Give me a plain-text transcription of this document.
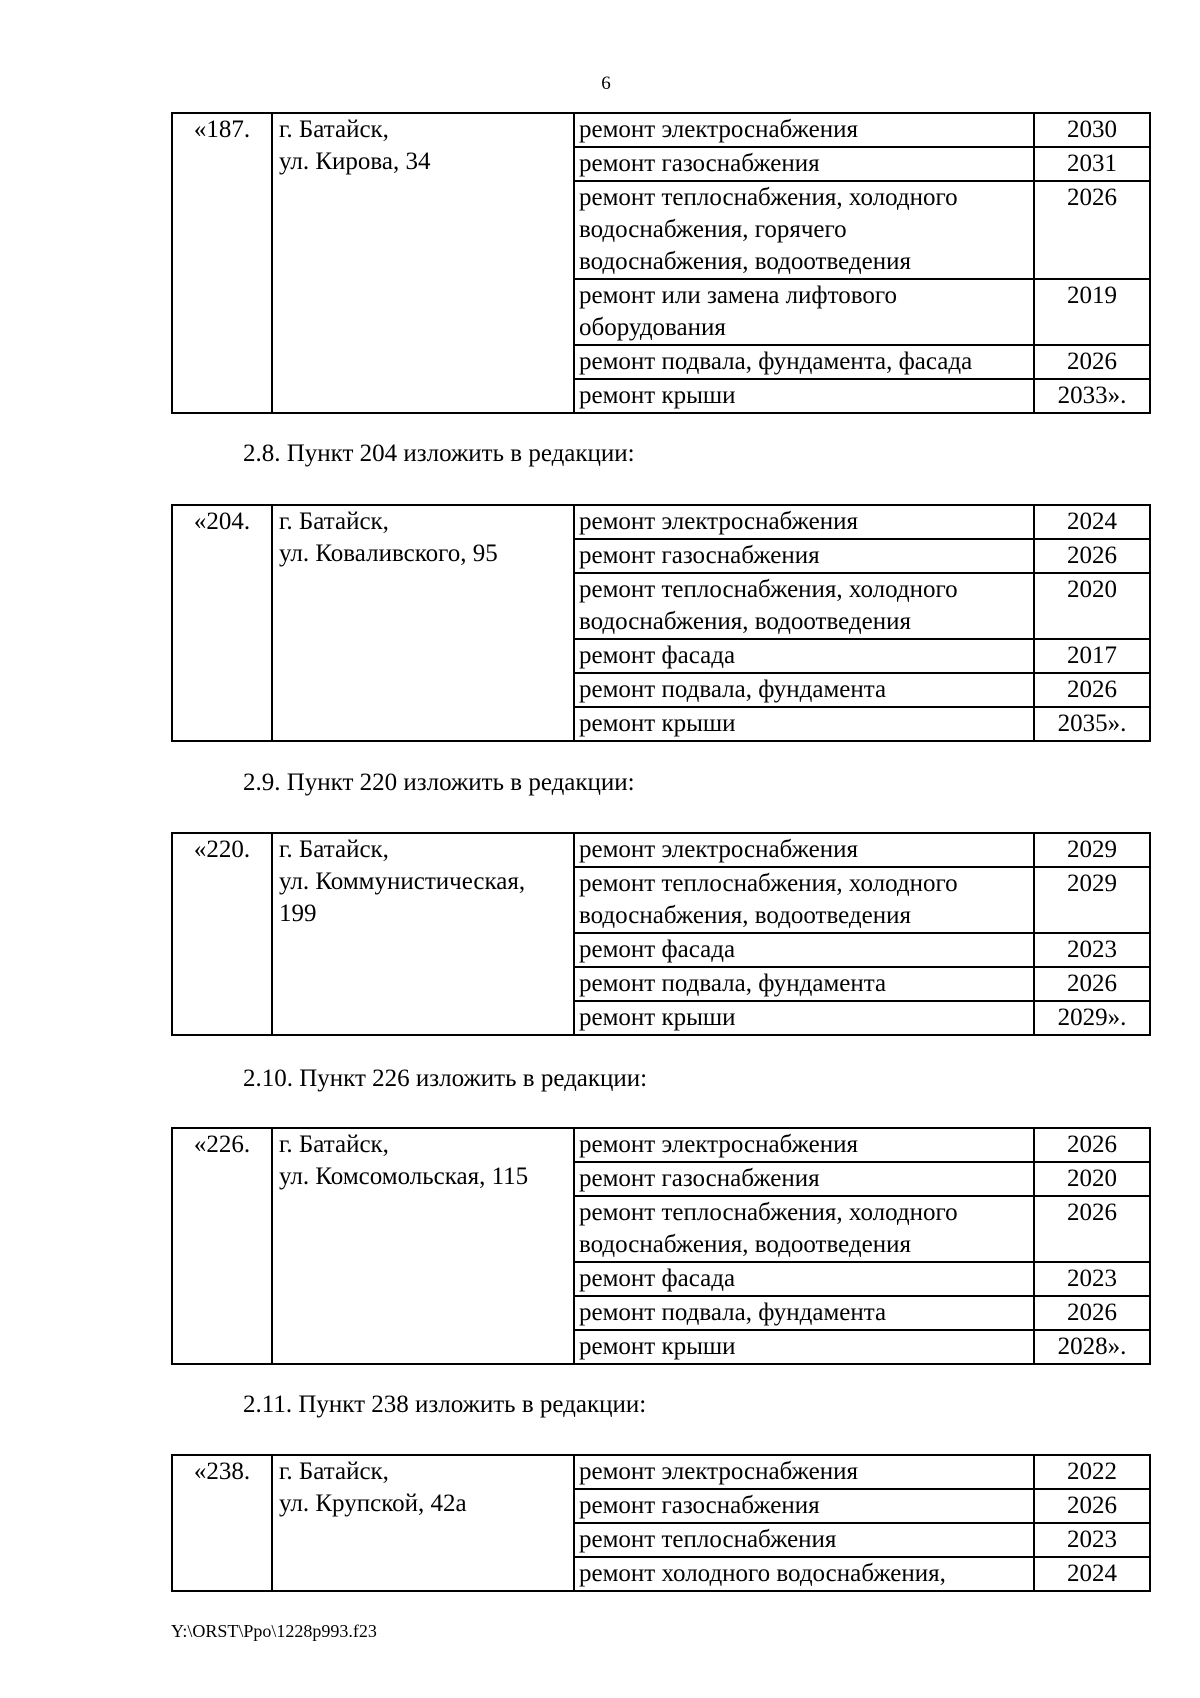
6
«187.	г. Батайск,
ул. Кирова, 34	ремонт электроснабжения	2030

		ремонт газоснабжения	2031

		ремонт теплоснабжения, холодного
водоснабжения, горячего
водоснабжения, водоотведения	2026

		ремонт или замена лифтового
оборудования	2019

		ремонт подвала, фундамента, фасада	2026

		ремонт крыши	2033».
2.8. Пункт 204 изложить в редакции:
«204.	г. Батайск,
ул. Коваливского, 95	ремонт электроснабжения	2024

		ремонт газоснабжения	2026

		ремонт теплоснабжения, холодного
водоснабжения, водоотведения	2020

		ремонт фасада	2017

		ремонт подвала, фундамента	2026

		ремонт крыши	2035».
2.9. Пункт 220 изложить в редакции:
«220.	г. Батайск,
ул. Коммунистическая,
199	ремонт электроснабжения	2029

		ремонт теплоснабжения, холодного
водоснабжения, водоотведения	2029

		ремонт фасада	2023

		ремонт подвала, фундамента	2026

		ремонт крыши	2029».
2.10. Пункт 226 изложить в редакции:
«226.	г. Батайск,
ул. Комсомольская, 115	ремонт электроснабжения	2026

		ремонт газоснабжения	2020

		ремонт теплоснабжения, холодного
водоснабжения, водоотведения	2026

		ремонт фасада	2023

		ремонт подвала, фундамента	2026

		ремонт крыши	2028».
2.11. Пункт 238 изложить в редакции:
«238.	г. Батайск,
ул. Крупской, 42а	ремонт электроснабжения	2022

		ремонт газоснабжения	2026

		ремонт теплоснабжения	2023

		ремонт холодного водоснабжения,	2024
Y:\ORST\Ppo\1228p993.f23
